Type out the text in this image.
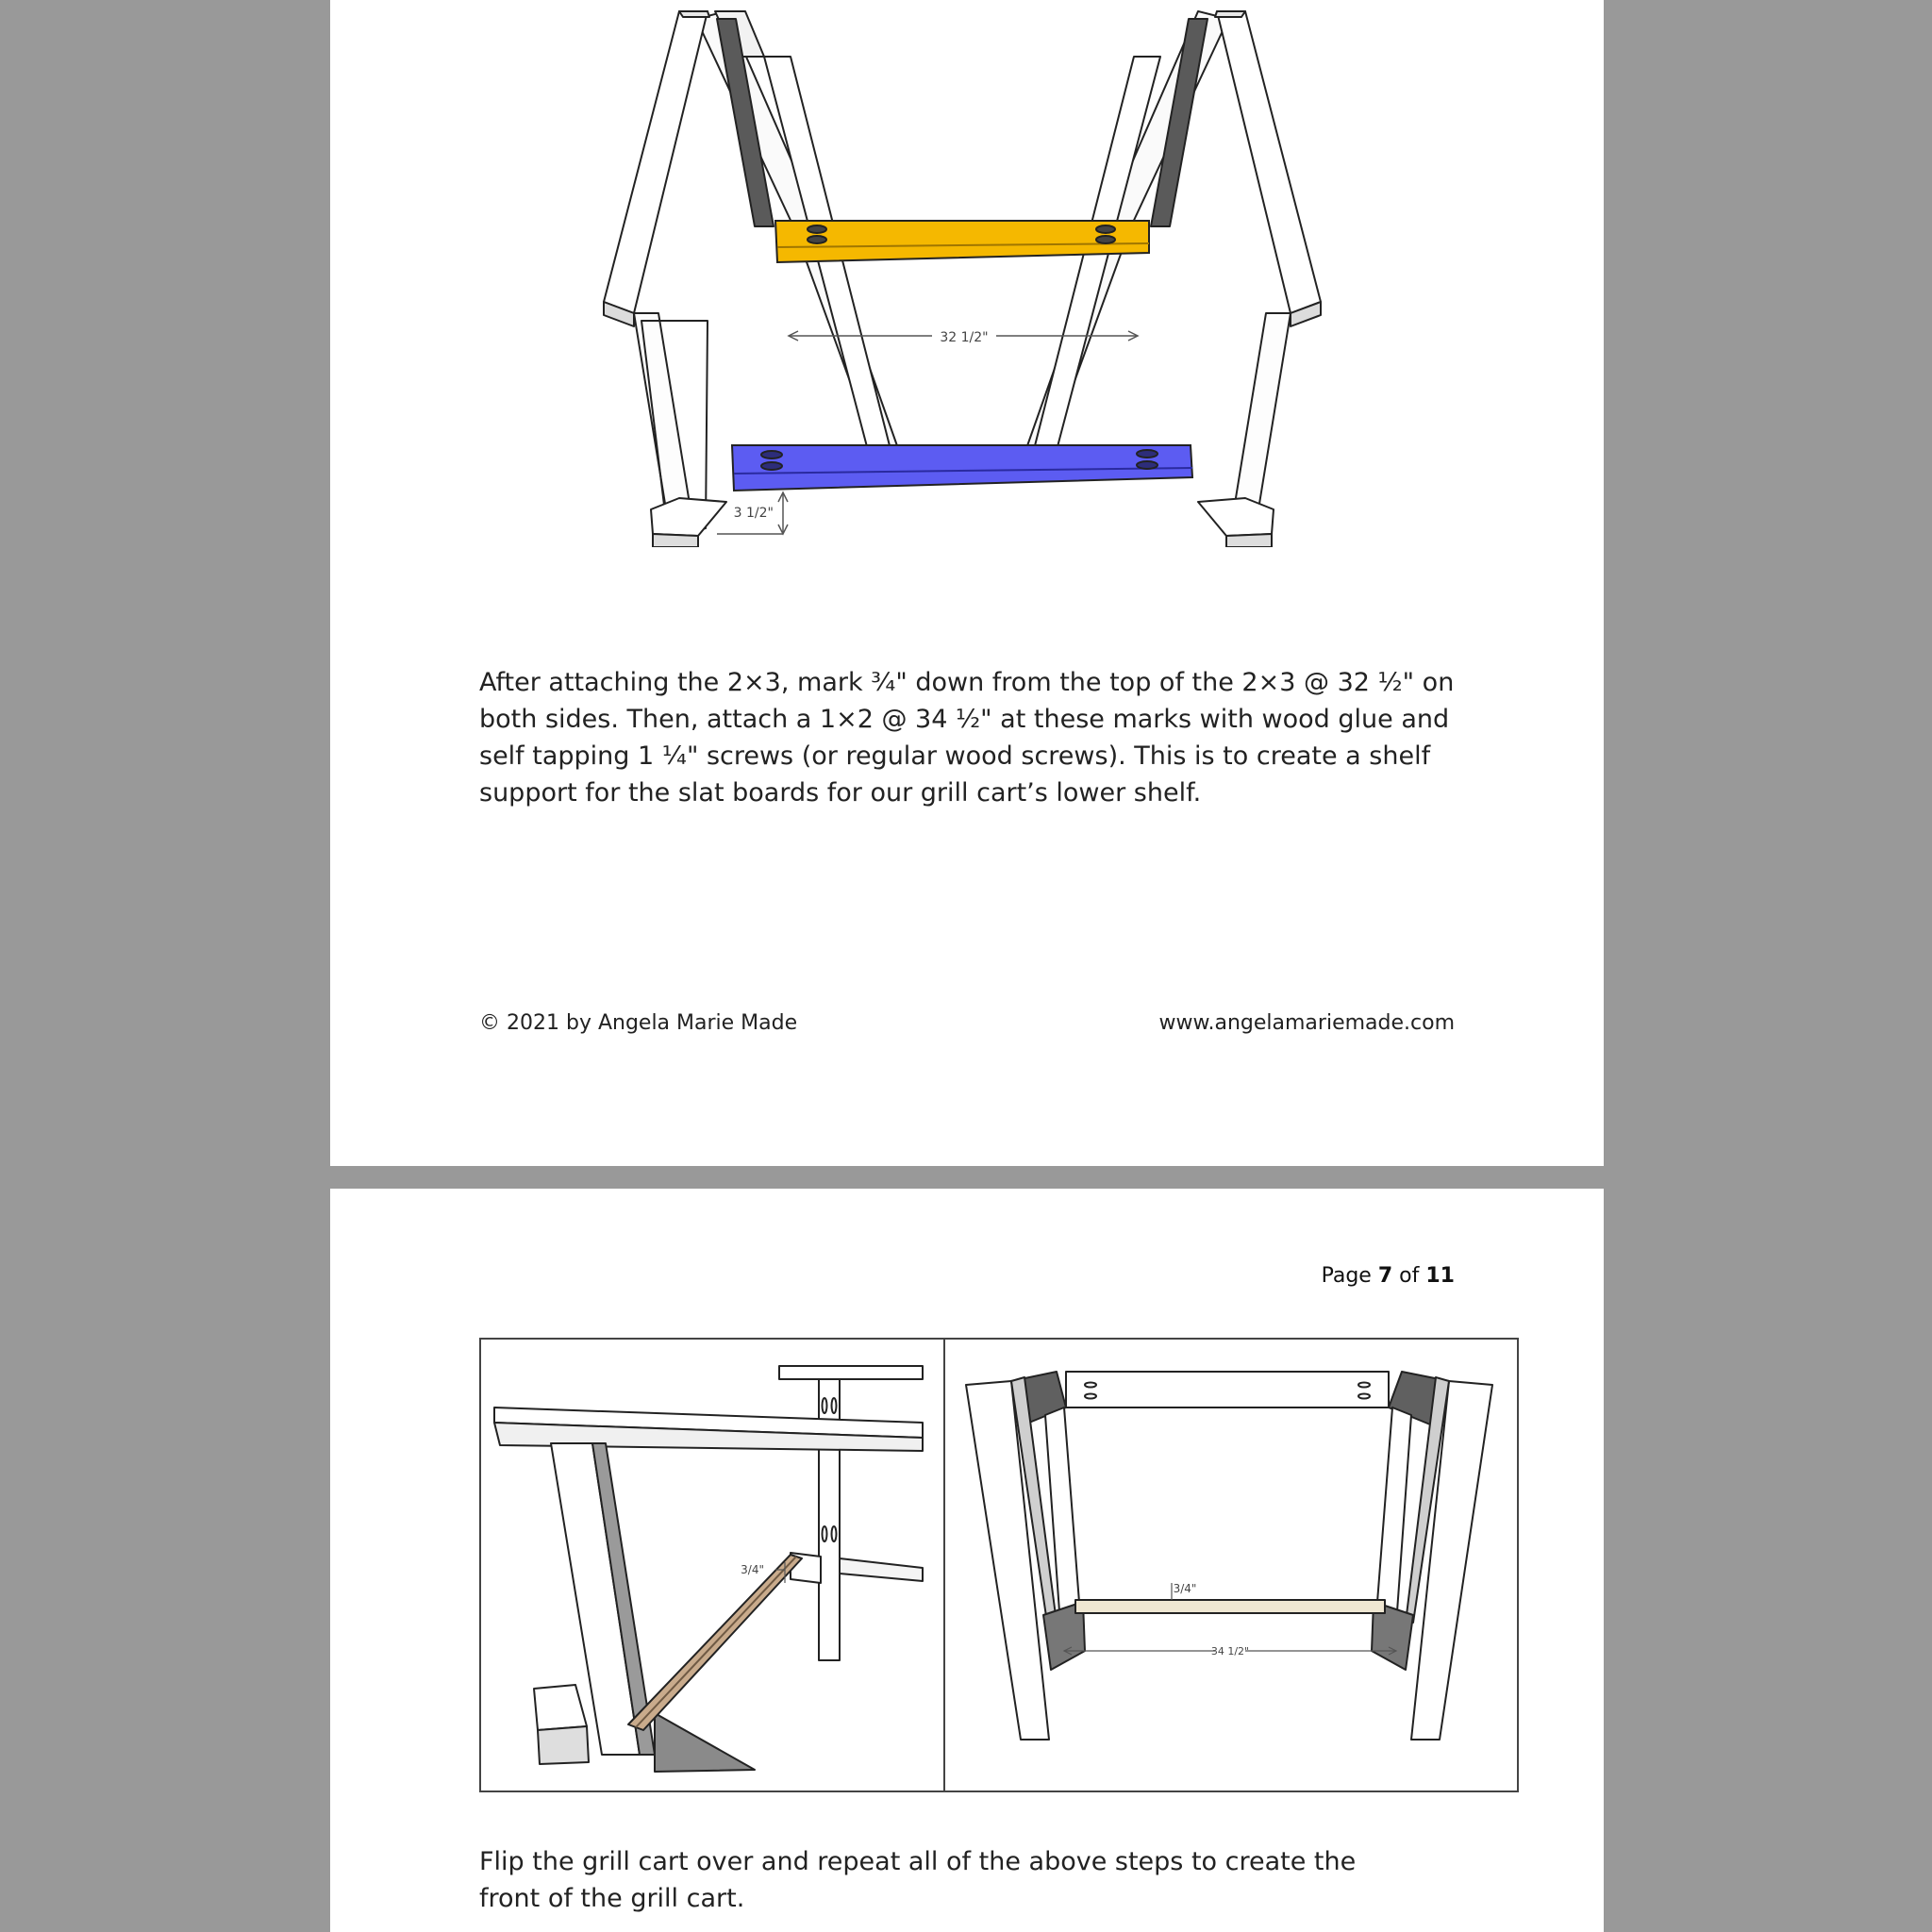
32 1/2"
3 1/2"

After attaching the 2×3, mark ¾" down from the top of the 2×3 @ 32 ½" on both sides. Then, attach a 1×2 @ 34 ½" at these marks with wood glue and self tapping 1 ¼" screws (or regular wood screws). This is to create a shelf support for the slat boards for our grill cart’s lower shelf.

© 2021 by Angela Marie Made	www.angelamariemade.com
Page 7 of 11
3/4"
3/4"
34 1/2"

Flip the grill cart over and repeat all of the above steps to create the front of the grill cart.
